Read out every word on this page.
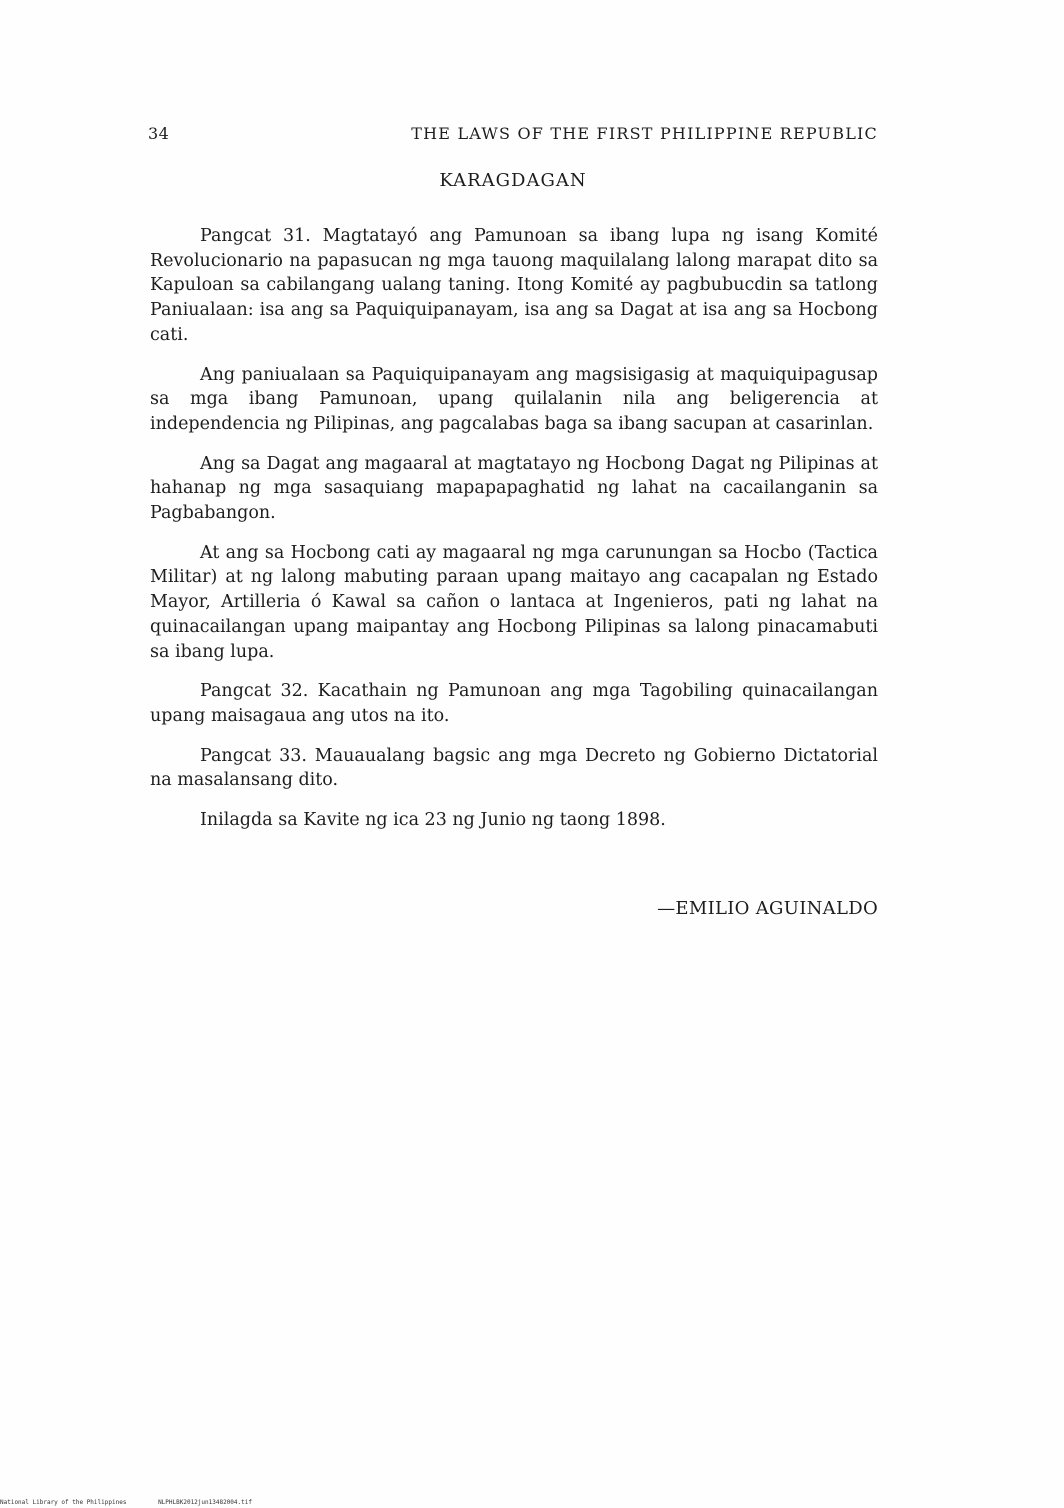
34	THE LAWS OF THE FIRST PHILIPPINE REPUBLIC
KARAGDAGAN

Pangcat 31. Magtatayó ang Pamunoan sa ibang lupa ng isang Komité Revolucionario na papasucan ng mga tauong maquilalang lalong marapat dito sa Kapuloan sa cabilangang ualang taning. Itong Komité ay pagbubucdin sa tatlong Paniualaan: isa ang sa Paquiquipanayam, isa ang sa Dagat at isa ang sa Hocbong cati.

Ang paniualaan sa Paquiquipanayam ang magsisigasig at maquiquipagusap sa mga ibang Pamunoan, upang quilalanin nila ang beligerencia at independencia ng Pilipinas, ang pagcalabas baga sa ibang sacupan at casarinlan.

Ang sa Dagat ang magaaral at magtatayo ng Hocbong Dagat ng Pilipinas at hahanap ng mga sasaquiang mapapapaghatid ng lahat na cacailanganin sa Pagbabangon.

At ang sa Hocbong cati ay magaaral ng mga carunungan sa Hocbo (Tactica Militar) at ng lalong mabuting paraan upang maitayo ang cacapalan ng Estado Mayor, Artilleria ó Kawal sa cañon o lantaca at Ingenieros, pati ng lahat na quinacailangan upang maipantay ang Hocbong Pilipinas sa lalong pinacamabuti sa ibang lupa.

Pangcat 32. Kacathain ng Pamunoan ang mga Tagobiling quinacailangan upang maisagaua ang utos na ito.

Pangcat 33. Mauaualang bagsic ang mga Decreto ng Gobierno Dictatorial na masalansang dito.

Inilagda sa Kavite ng ica 23 ng Junio ng taong 1898.

—EMILIO AGUINALDO
National Library of the Philippines	NLPHLBK2012jun13482004.tif
